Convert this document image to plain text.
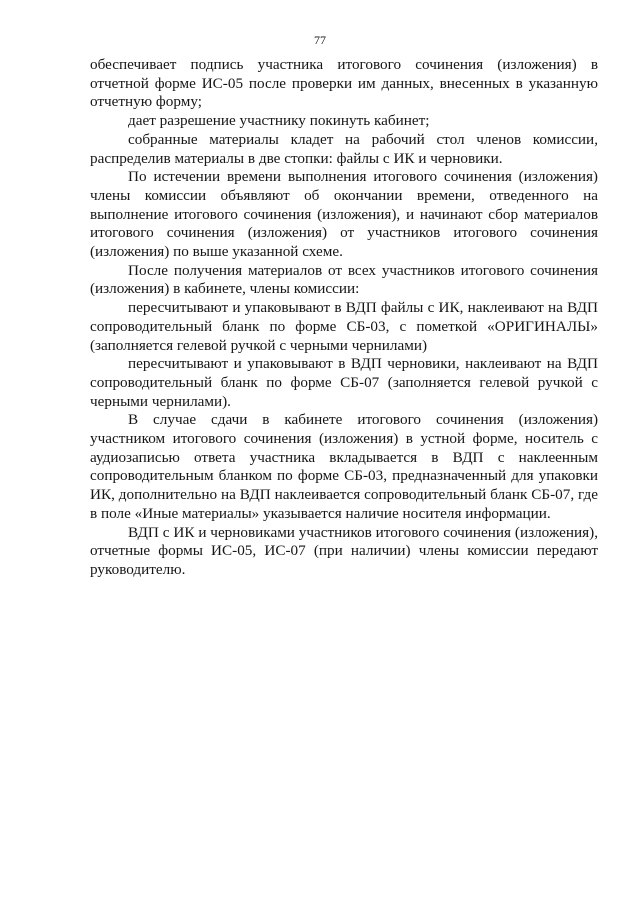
77

обеспечивает подпись участника итогового сочинения (изложения) в отчетной форме ИС-05 после проверки им данных, внесенных в указанную отчетную форму;

дает разрешение участнику покинуть кабинет;

собранные материалы кладет на рабочий стол членов комиссии, распределив материалы в две стопки: файлы с ИК и черновики.

По истечении времени выполнения итогового сочинения (изложения) члены комиссии объявляют об окончании времени, отведенного на выполнение итогового сочинения (изложения), и начинают сбор материалов итогового сочинения (изложения) от участников итогового сочинения (изложения) по выше указанной схеме.

После получения материалов от всех участников итогового сочинения (изложения) в кабинете, члены комиссии:

пересчитывают и упаковывают в ВДП файлы с ИК, наклеивают на ВДП сопроводительный бланк по форме СБ-03, с пометкой «ОРИГИНАЛЫ» (заполняется гелевой ручкой с черными чернилами)

пересчитывают и упаковывают в ВДП черновики, наклеивают на ВДП сопроводительный бланк по форме СБ-07 (заполняется гелевой ручкой с черными чернилами).

В случае сдачи в кабинете итогового сочинения (изложения) участником итогового сочинения (изложения) в устной форме, носитель с аудиозаписью ответа участника вкладывается в ВДП с наклеенным сопроводительным бланком по форме СБ-03, предназначенный для упаковки ИК, дополнительно на ВДП наклеивается сопроводительный бланк СБ-07, где в поле «Иные материалы» указывается наличие носителя информации.

ВДП с ИК и черновиками участников итогового сочинения (изложения), отчетные формы ИС-05, ИС-07 (при наличии) члены комиссии передают руководителю.
